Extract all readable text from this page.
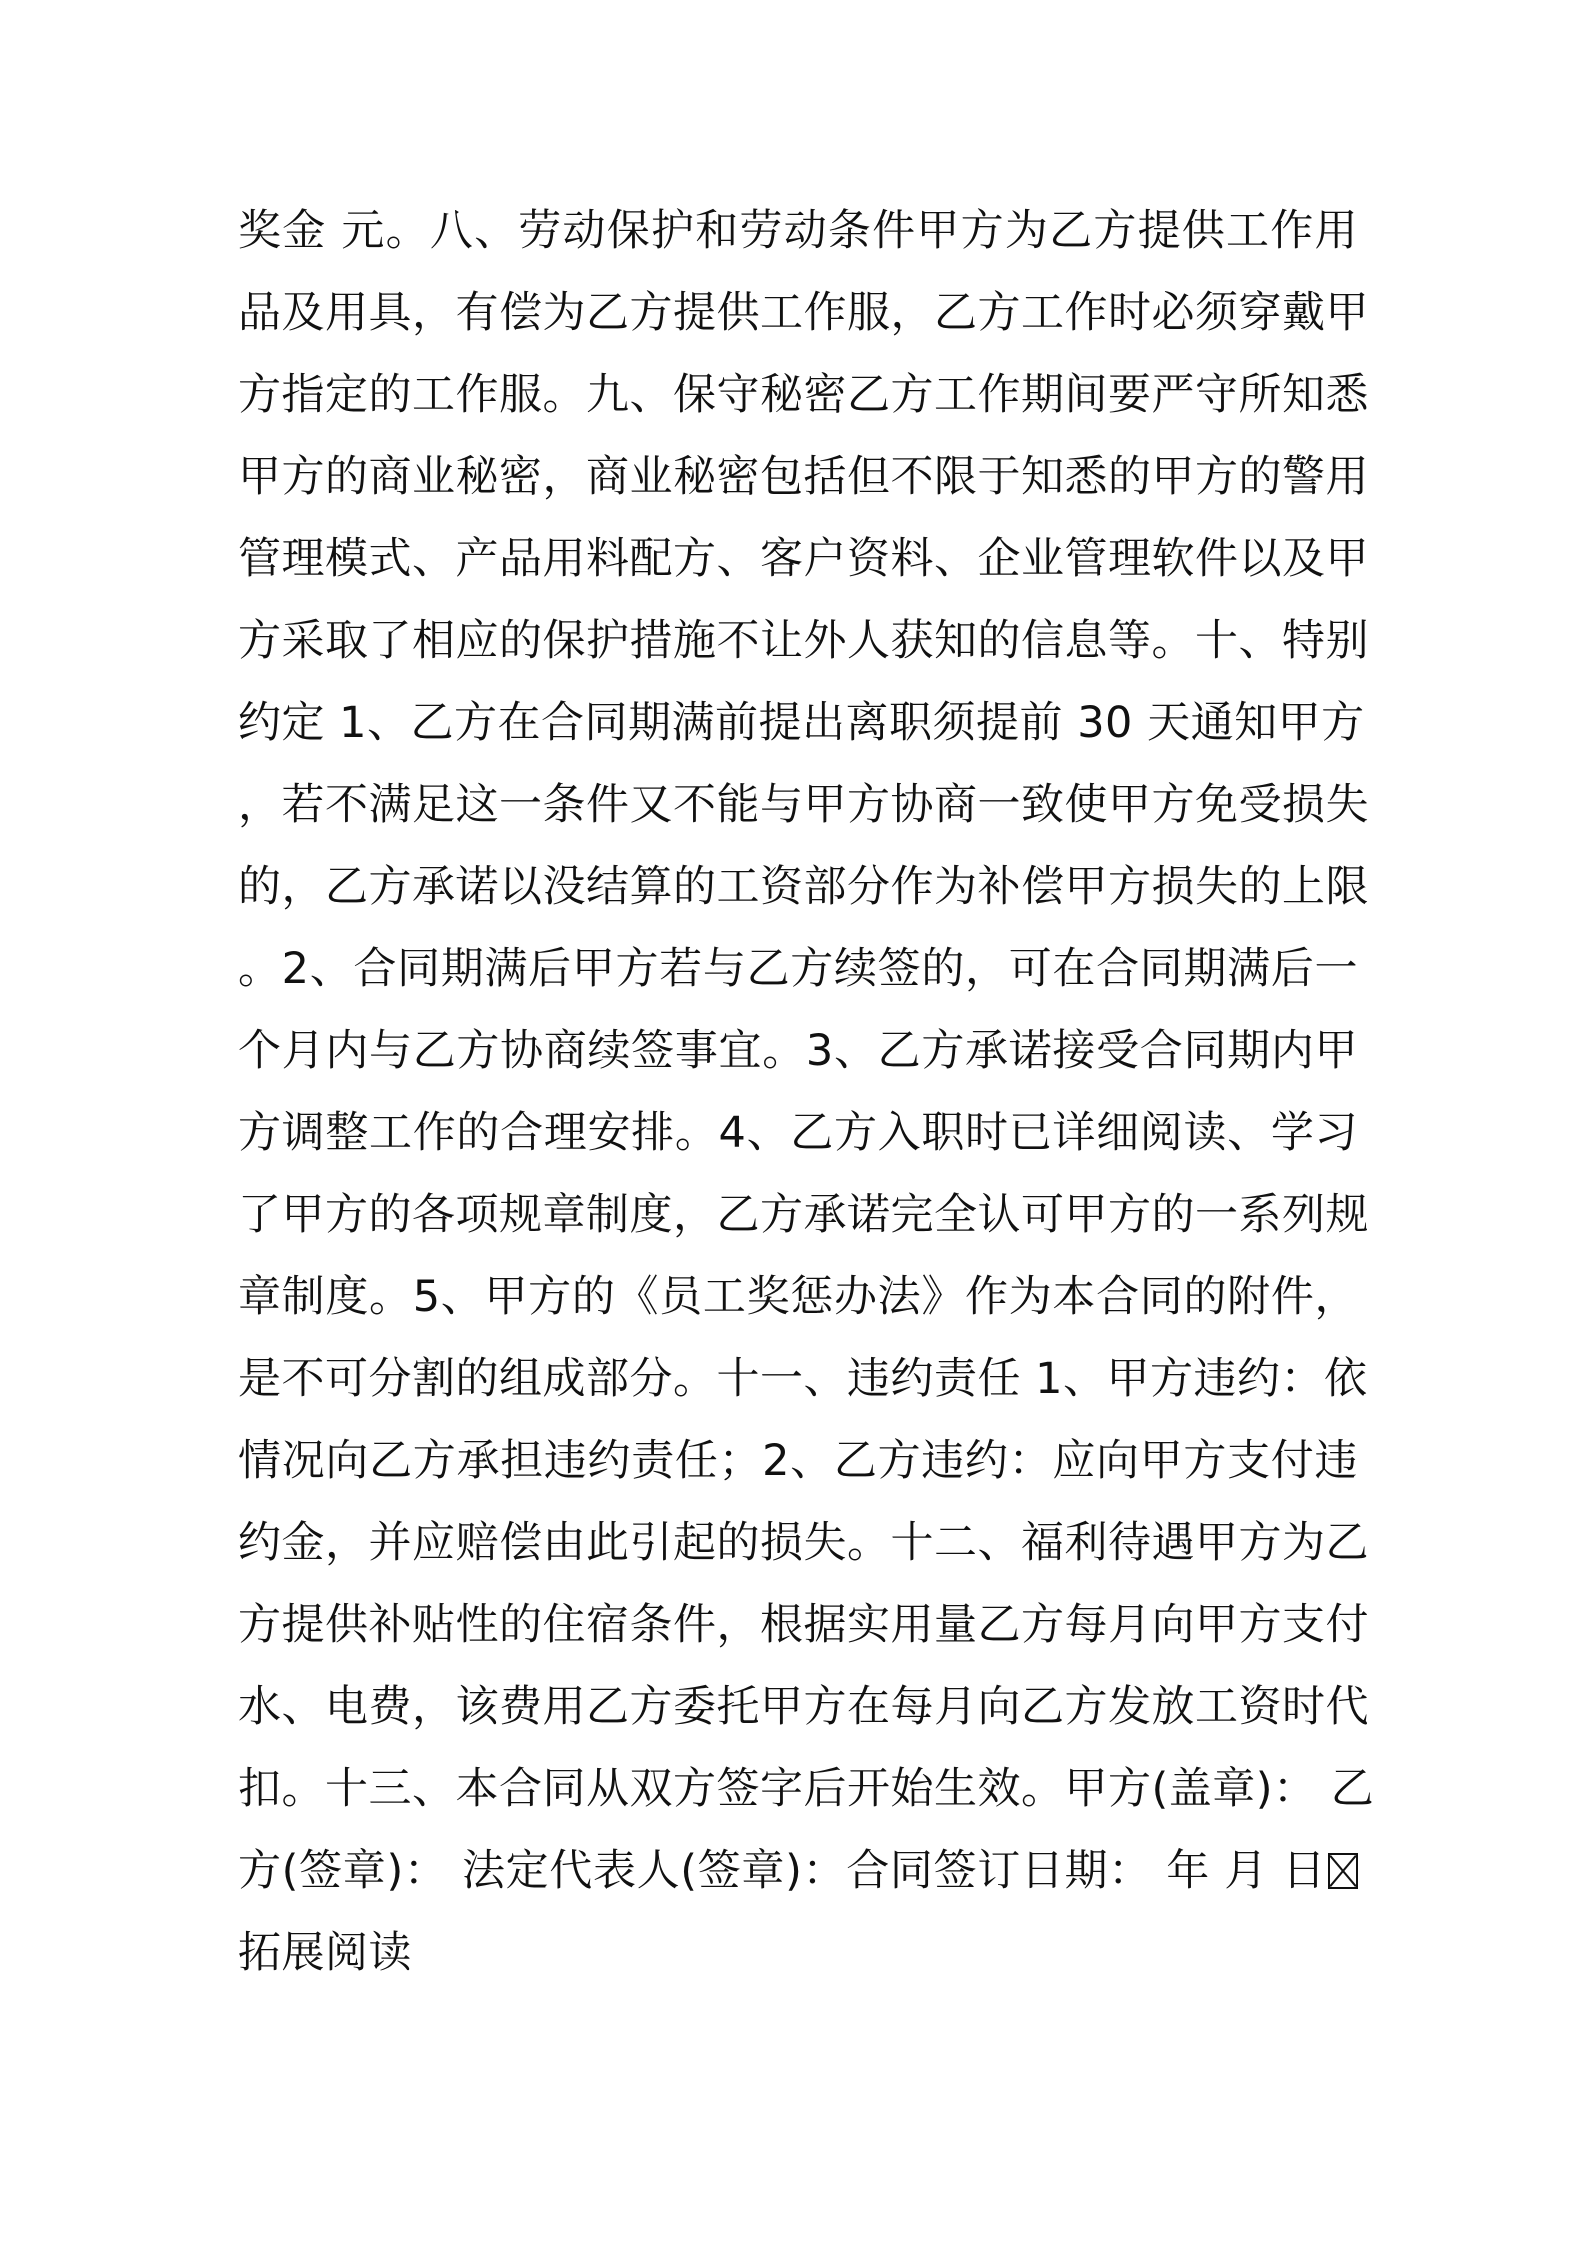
奖金 元。八、劳动保护和劳动条件甲方为乙方提供工作用
品及用具，有偿为乙方提供工作服，乙方工作时必须穿戴甲
方指定的工作服。九、保守秘密乙方工作期间要严守所知悉
甲方的商业秘密，商业秘密包括但不限于知悉的甲方的警用
管理模式、产品用料配方、客户资料、企业管理软件以及甲
方采取了相应的保护措施不让外人获知的信息等。十、特别
约定 1、乙方在合同期满前提出离职须提前 30 天通知甲方
，若不满足这一条件又不能与甲方协商一致使甲方免受损失
的，乙方承诺以没结算的工资部分作为补偿甲方损失的上限
。2、合同期满后甲方若与乙方续签的，可在合同期满后一
个月内与乙方协商续签事宜。3、乙方承诺接受合同期内甲
方调整工作的合理安排。4、乙方入职时已详细阅读、学习
了甲方的各项规章制度，乙方承诺完全认可甲方的一系列规
章制度。5、甲方的《员工奖惩办法》作为本合同的附件，
是不可分割的组成部分。十一、违约责任 1、甲方违约：依
情况向乙方承担违约责任；2、乙方违约：应向甲方支付违
约金，并应赔偿由此引起的损失。十二、福利待遇甲方为乙
方提供补贴性的住宿条件，根据实用量乙方每月向甲方支付
水、电费，该费用乙方委托甲方在每月向乙方发放工资时代
扣。十三、本合同从双方签字后开始生效。甲方(盖章)： 乙
方(签章)： 法定代表人(签章)：合同签订日期： 年 月 日
拓展阅读
